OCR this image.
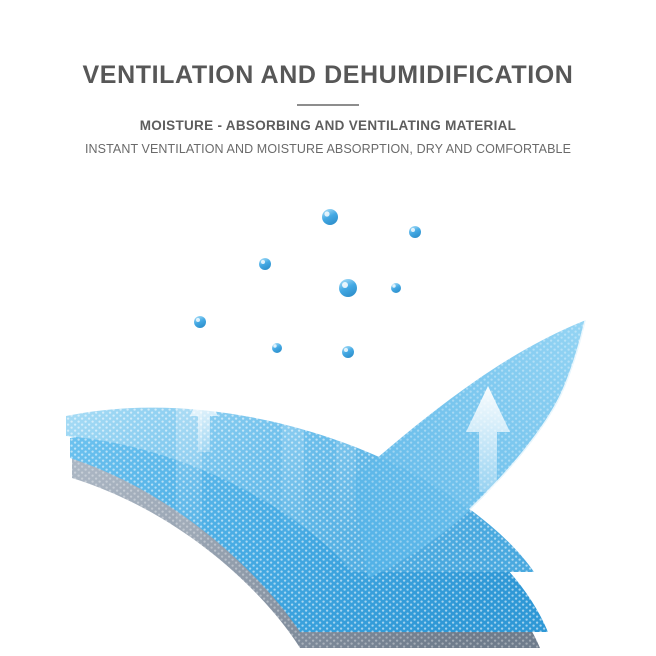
VENTILATION AND DEHUMIDIFICATION
MOISTURE - ABSORBING AND VENTILATING MATERIAL
INSTANT VENTILATION AND MOISTURE ABSORPTION, DRY AND COMFORTABLE
